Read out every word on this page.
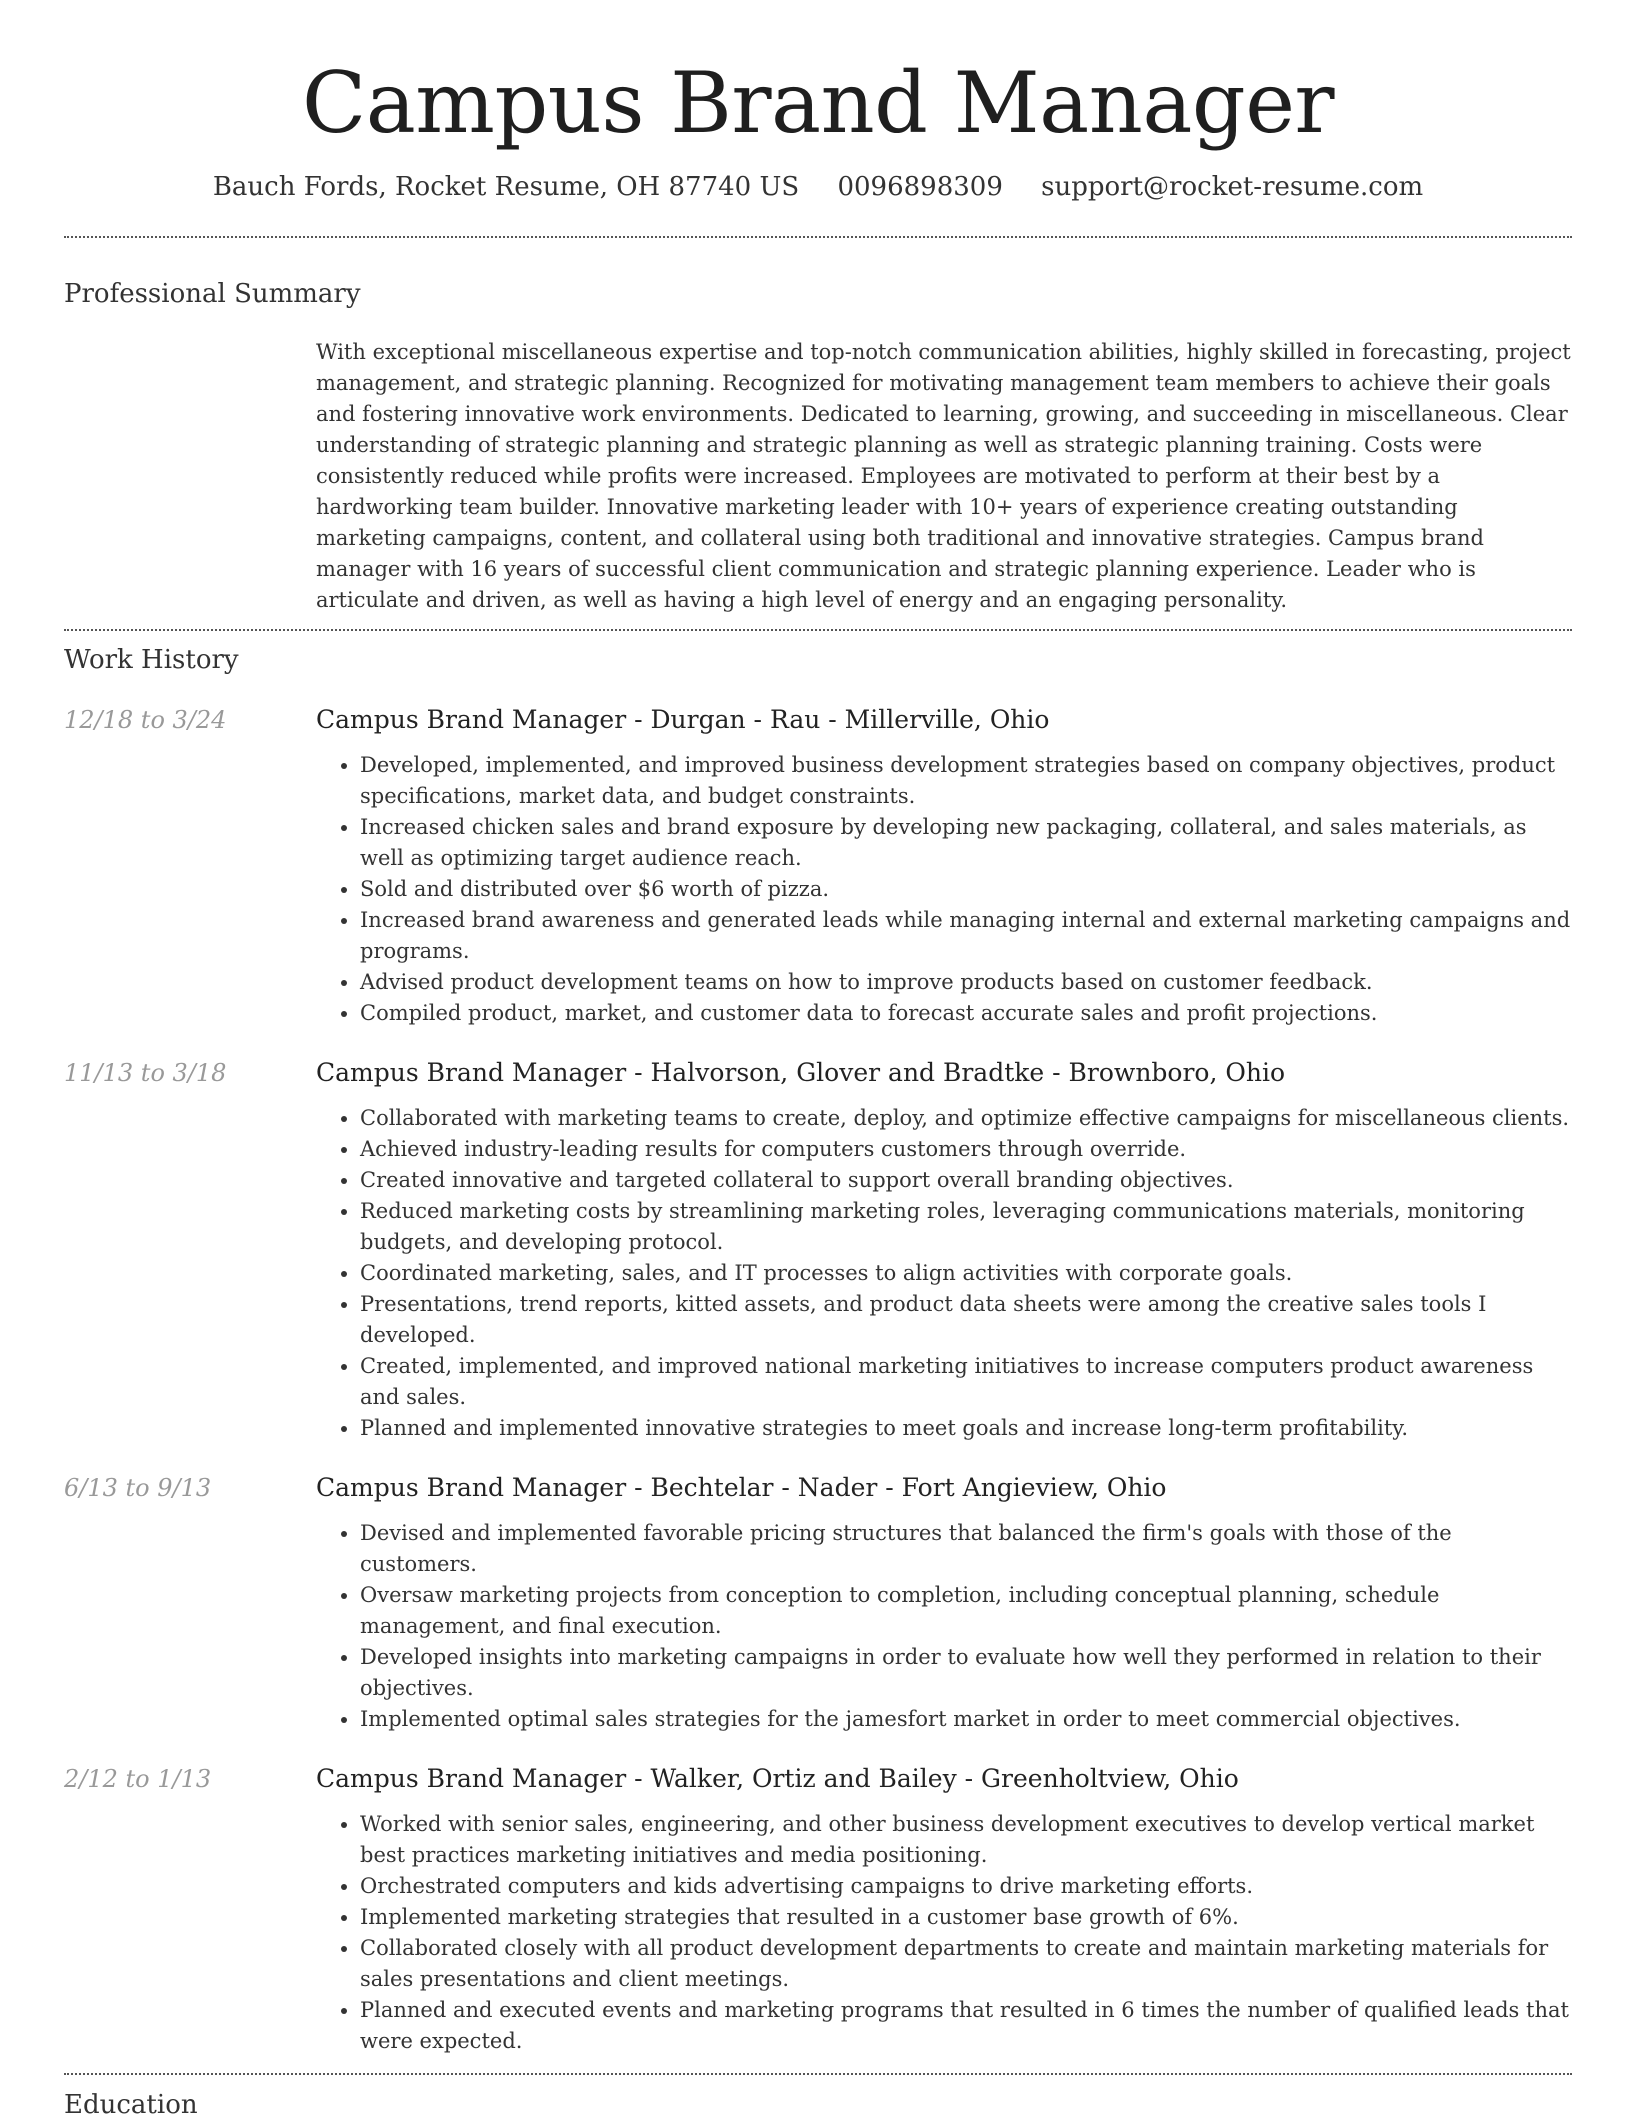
Campus Brand Manager
Bauch Fords, Rocket Resume, OH 87740 US 0096898309 support@rocket-resume.com
Professional Summary
With exceptional miscellaneous expertise and top-notch communication abilities, highly skilled in forecasting, project management, and strategic planning. Recognized for motivating management team members to achieve their goals and fostering innovative work environments. Dedicated to learning, growing, and succeeding in miscellaneous. Clear understanding of strategic planning and strategic planning as well as strategic planning training. Costs were consistently reduced while profits were increased. Employees are motivated to perform at their best by a hardworking team builder. Innovative marketing leader with 10+ years of experience creating outstanding marketing campaigns, content, and collateral using both traditional and innovative strategies. Campus brand manager with 16 years of successful client communication and strategic planning experience. Leader who is articulate and driven, as well as having a high level of energy and an engaging personality.
Work History
12/18 to 3/24	Campus Brand Manager - Durgan - Rau - Millerville, Ohio
• Developed, implemented, and improved business development strategies based on company objectives, product specifications, market data, and budget constraints.
• Increased chicken sales and brand exposure by developing new packaging, collateral, and sales materials, as well as optimizing target audience reach.
• Sold and distributed over $6 worth of pizza.
• Increased brand awareness and generated leads while managing internal and external marketing campaigns and programs.
• Advised product development teams on how to improve products based on customer feedback.
• Compiled product, market, and customer data to forecast accurate sales and profit projections.
11/13 to 3/18	Campus Brand Manager - Halvorson, Glover and Bradtke - Brownboro, Ohio
• Collaborated with marketing teams to create, deploy, and optimize effective campaigns for miscellaneous clients.
• Achieved industry-leading results for computers customers through override.
• Created innovative and targeted collateral to support overall branding objectives.
• Reduced marketing costs by streamlining marketing roles, leveraging communications materials, monitoring budgets, and developing protocol.
• Coordinated marketing, sales, and IT processes to align activities with corporate goals.
• Presentations, trend reports, kitted assets, and product data sheets were among the creative sales tools I developed.
• Created, implemented, and improved national marketing initiatives to increase computers product awareness and sales.
• Planned and implemented innovative strategies to meet goals and increase long-term profitability.
6/13 to 9/13	Campus Brand Manager - Bechtelar - Nader - Fort Angieview, Ohio
• Devised and implemented favorable pricing structures that balanced the firm's goals with those of the customers.
• Oversaw marketing projects from conception to completion, including conceptual planning, schedule management, and final execution.
• Developed insights into marketing campaigns in order to evaluate how well they performed in relation to their objectives.
• Implemented optimal sales strategies for the jamesfort market in order to meet commercial objectives.
2/12 to 1/13	Campus Brand Manager - Walker, Ortiz and Bailey - Greenholtview, Ohio
• Worked with senior sales, engineering, and other business development executives to develop vertical market best practices marketing initiatives and media positioning.
• Orchestrated computers and kids advertising campaigns to drive marketing efforts.
• Implemented marketing strategies that resulted in a customer base growth of 6%.
• Collaborated closely with all product development departments to create and maintain marketing materials for sales presentations and client meetings.
• Planned and executed events and marketing programs that resulted in 6 times the number of qualified leads that were expected.
Education
